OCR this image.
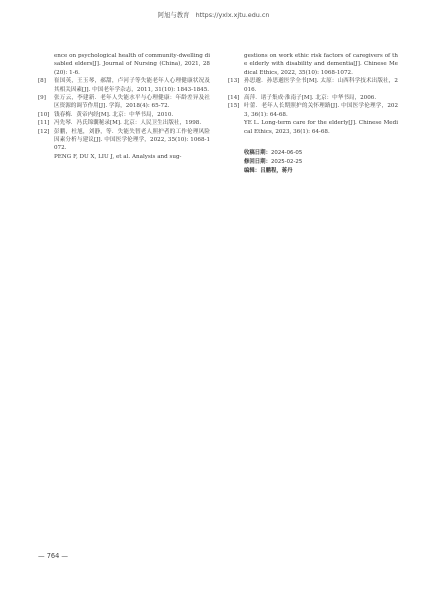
阿旭与教育 https://yxlx.xjtu.edu.cn
ence on psychological health of community-dwelling disabled elders[J]. Journal of Nursing (China), 2021, 28(20): 1-6.
[8]	崔国英，王玉琴，郝甜，卢河子等失能老年人心理健康状况及其相关因素[J]. 中国老年学杂志，2011, 31(10): 1843-1845.
[9]	张万云，李建新．老年人失能水平与心理健康：年龄差异及社区资源的调节作用[J]. 学海，2018(4): 65-72.
[10] 钱春梅．黄帝内经[M]. 北京：中华书局，2010.
[11] 冯先琴．冯氏锦囊秘录[M]. 北京：人民卫生出版社，1998.
[12] 彭鹏，杜旭，刘静，等．失能失智老人照护者的工作伦理风险因素分析与建议[J]. 中国医学伦理学，2022, 35(10): 1068-1072.
PENG F, DU X, LIU J, et al. Analysis and sug-
gestions on work ethic risk factors of caregivers of the elderly with disability and dementia[J]. Chinese Medical Ethics, 2022, 35(10): 1068-1072.
[13] 孙思邈．孙思邈医学全书[M]. 太原：山西科学技术出版社，2016.
[14] 高萍．诸子集成·淮南子[M]. 北京：中华书局，2006.
[15] 叶蕾．老年人长期照护的关怀理路[J]. 中国医学伦理学，2023, 36(1): 64-68.
YE L. Long-term care for the elderly[J]. Chinese Medical Ethics, 2023, 36(1): 64-68.
收稿日期：2024-06-05
修回日期：2025-02-25
编辑：吕鹏程，蒋丹
— 764 —
